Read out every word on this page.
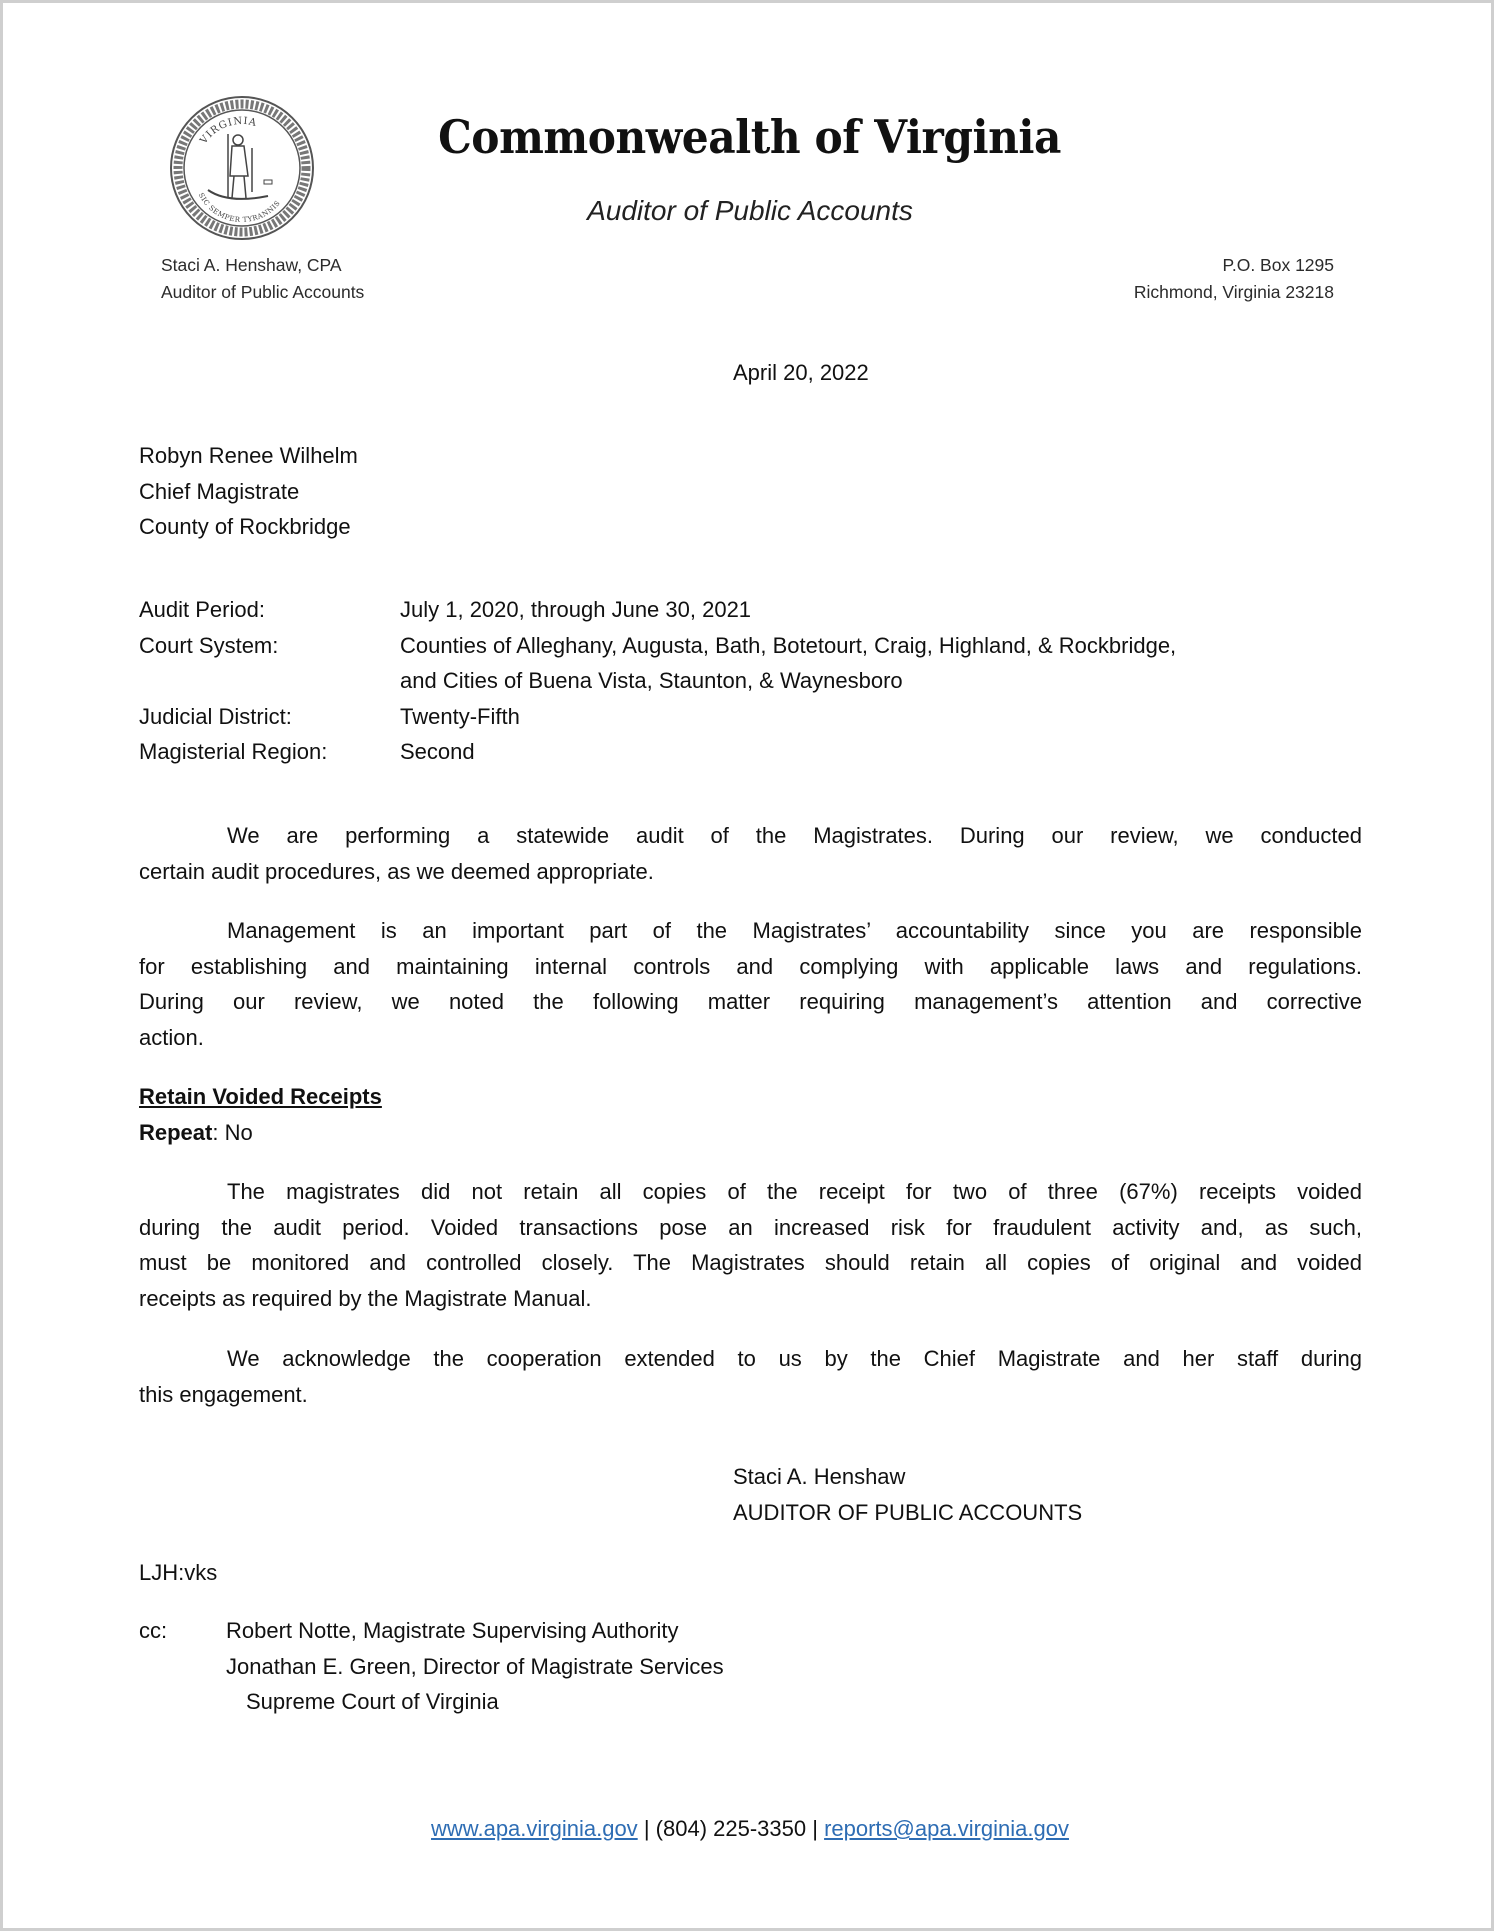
VIRGINIA
SIC SEMPER TYRANNIS
Commonwealth of Virginia
Auditor of Public Accounts
Staci A. Henshaw, CPA
Auditor of Public Accounts
P.O. Box 1295
Richmond, Virginia 23218
April 20, 2022
Robyn Renee Wilhelm
Chief Magistrate
County of Rockbridge
Audit Period:	July 1, 2020, through June 30, 2021
Court System:	Counties of Alleghany, Augusta, Bath, Botetourt, Craig, Highland, & Rockbridge,
and Cities of Buena Vista, Staunton, & Waynesboro
Judicial District:	Twenty-Fifth
Magisterial Region:	Second
We are performing a statewide audit of the Magistrates. During our review, we conducted
certain audit procedures, as we deemed appropriate.
Management is an important part of the Magistrates’ accountability since you are responsible
for establishing and maintaining internal controls and complying with applicable laws and regulations.
During our review, we noted the following matter requiring management’s attention and corrective
action.
Retain Voided Receipts
Repeat: No
The magistrates did not retain all copies of the receipt for two of three (67%) receipts voided
during the audit period. Voided transactions pose an increased risk for fraudulent activity and, as such,
must be monitored and controlled closely. The Magistrates should retain all copies of original and voided
receipts as required by the Magistrate Manual.
We acknowledge the cooperation extended to us by the Chief Magistrate and her staff during
this engagement.
Staci A. Henshaw
AUDITOR OF PUBLIC ACCOUNTS
LJH:vks
cc:	Robert Notte, Magistrate Supervising Authority
Jonathan E. Green, Director of Magistrate Services
Supreme Court of Virginia
www.apa.virginia.gov | (804) 225-3350 | reports@apa.virginia.gov
